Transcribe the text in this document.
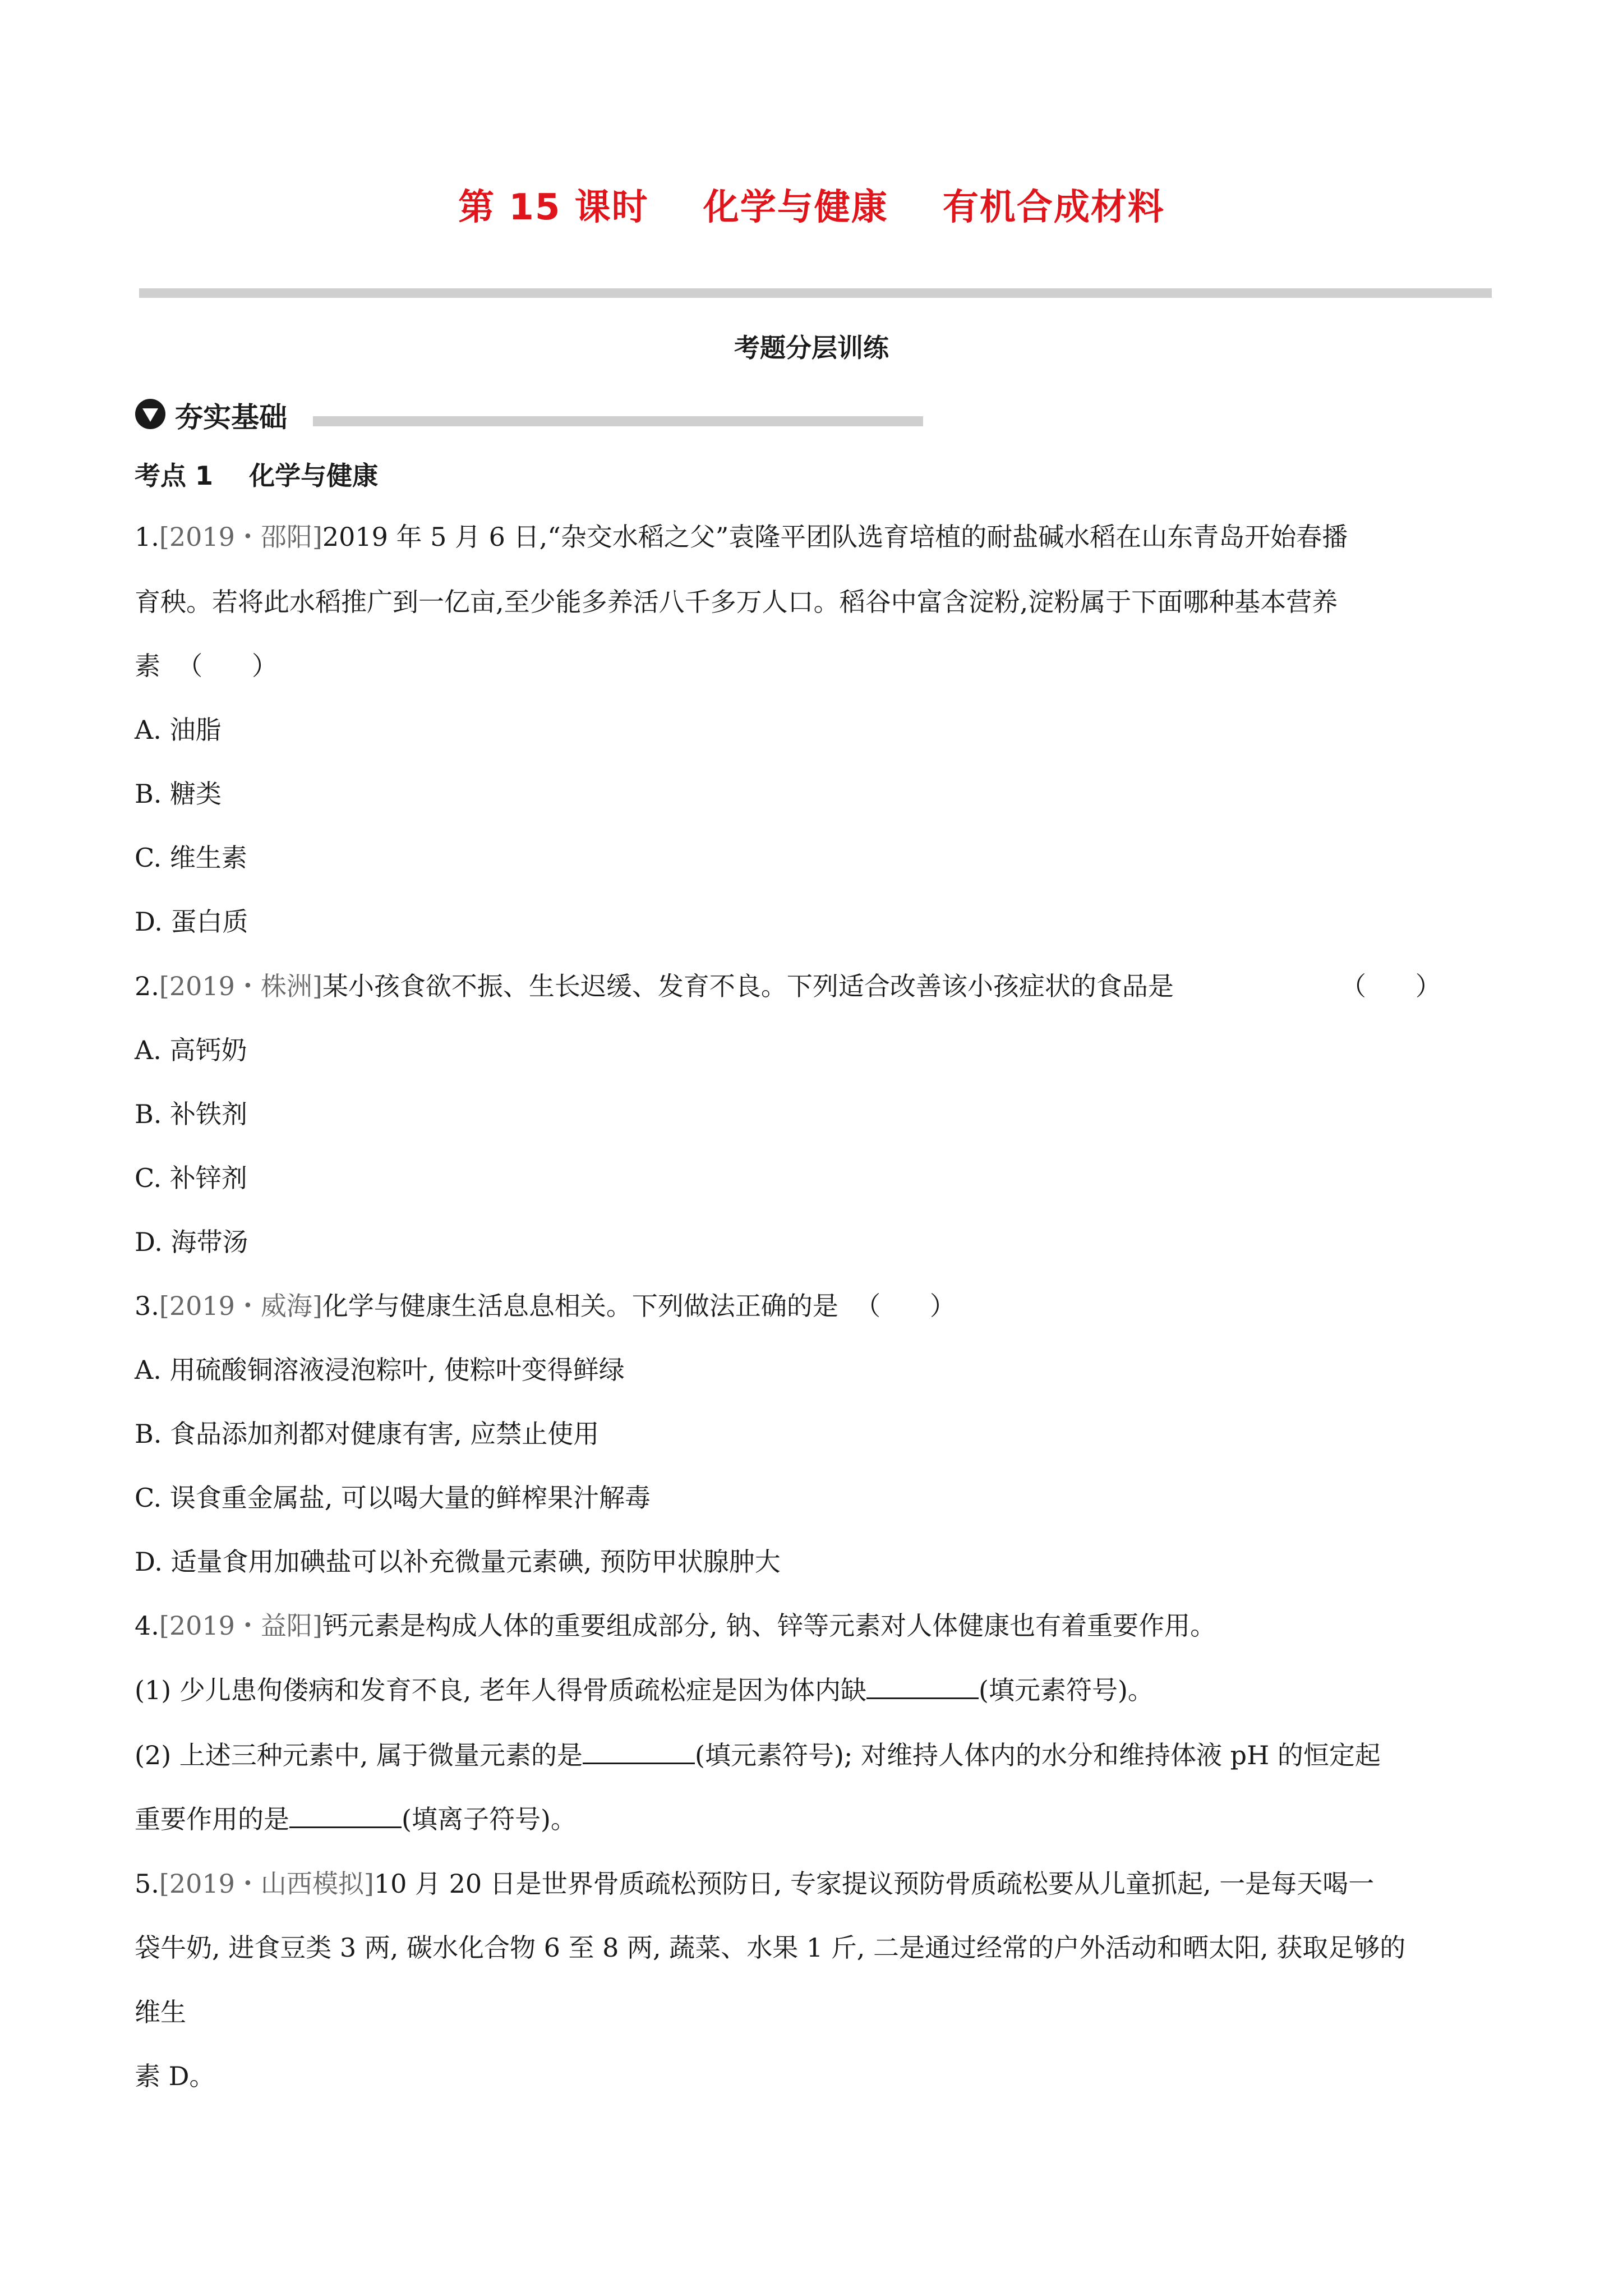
第 15 课时    化学与健康    有机合成材料
考题分层训练
夯实基础
考点 1    化学与健康
1.[2019・邵阳]2019 年 5 月 6 日,“杂交水稻之父”袁隆平团队选育培植的耐盐碱水稻在山东青岛开始春播
育秧。若将此水稻推广到一亿亩,至少能多养活八千多万人口。稻谷中富含淀粉,淀粉属于下面哪种基本营养
素  （      ）
A. 油脂
B. 糖类
C. 维生素
D. 蛋白质
2.[2019・株洲]某小孩食欲不振、生长迟缓、发育不良。下列适合改善该小孩症状的食品是	（      ）
A. 高钙奶
B. 补铁剂
C. 补锌剂
D. 海带汤
3.[2019・威海]化学与健康生活息息相关。下列做法正确的是  （      ）
A. 用硫酸铜溶液浸泡粽叶, 使粽叶变得鲜绿
B. 食品添加剂都对健康有害, 应禁止使用
C. 误食重金属盐, 可以喝大量的鲜榨果汁解毒
D. 适量食用加碘盐可以补充微量元素碘, 预防甲状腺肿大
4.[2019・益阳]钙元素是构成人体的重要组成部分, 钠、锌等元素对人体健康也有着重要作用。
(1) 少儿患佝偻病和发育不良, 老年人得骨质疏松症是因为体内缺	(填元素符号)。
(2) 上述三种元素中, 属于微量元素的是	(填元素符号); 对维持人体内的水分和维持体液 pH 的恒定起
重要作用的是	(填离子符号)。
5.[2019・山西模拟]10 月 20 日是世界骨质疏松预防日, 专家提议预防骨质疏松要从儿童抓起, 一是每天喝一
袋牛奶, 进食豆类 3 两, 碳水化合物 6 至 8 两, 蔬菜、水果 1 斤, 二是通过经常的户外活动和晒太阳, 获取足够的
维生
素 D。
